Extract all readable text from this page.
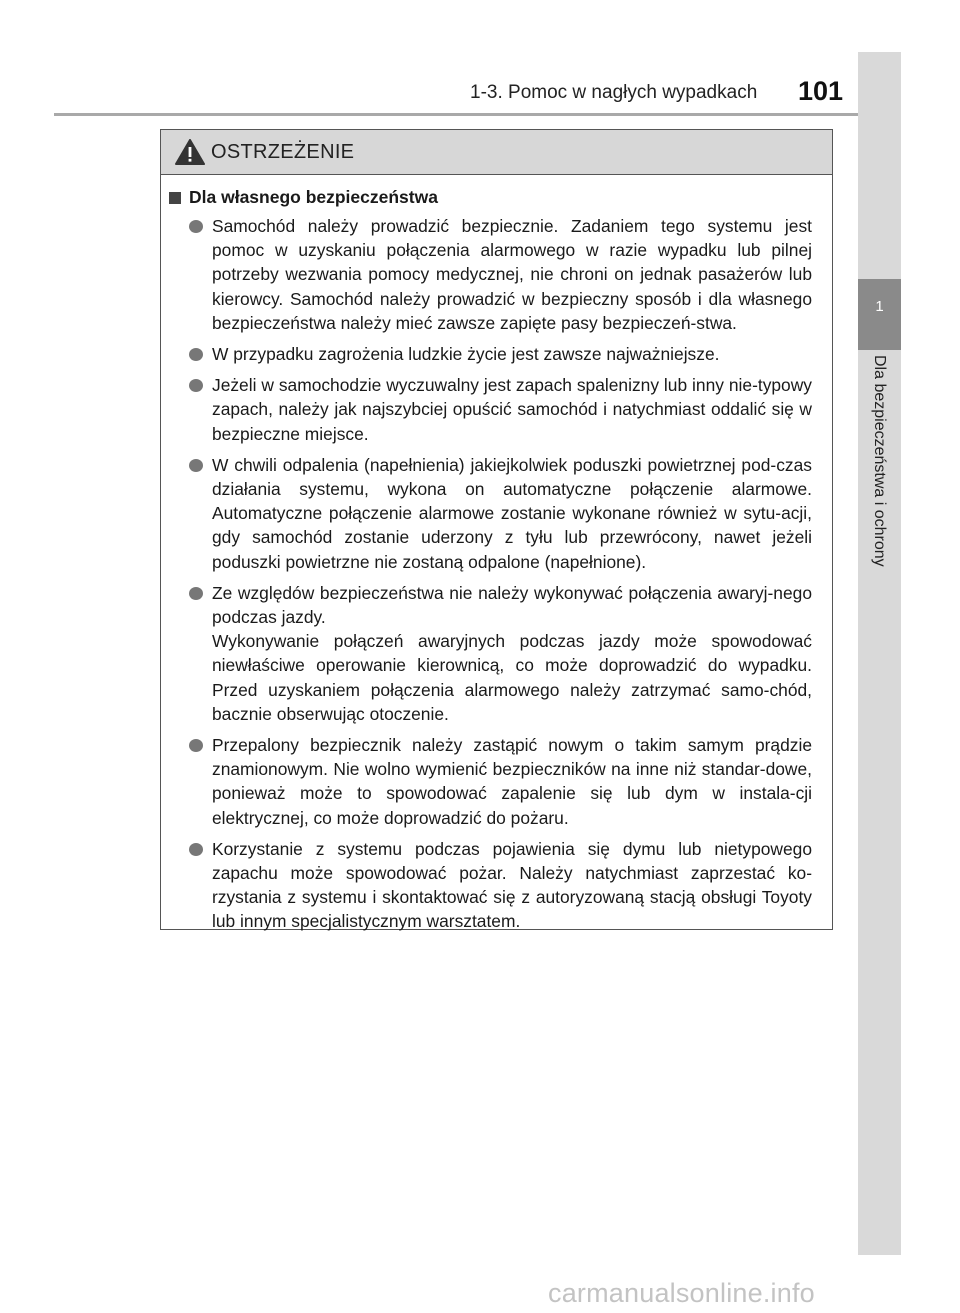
1-3. Pomoc w nagłych wypadkach 101
1
Dla bezpieczeństwa i ochrony
OSTRZEŻENIE
Dla własnego bezpieczeństwa

Samochód należy prowadzić bezpiecznie. Zadaniem tego systemu jest pomoc w uzyskaniu połączenia alarmowego w razie wypadku lub pilnej potrzeby wezwania pomocy medycznej, nie chroni on jednak pasażerów lub kierowcy. Samochód należy prowadzić w bezpieczny sposób i dla własnego bezpieczeństwa należy mieć zawsze zapięte pasy bezpieczeń-stwa.

W przypadku zagrożenia ludzkie życie jest zawsze najważniejsze.

Jeżeli w samochodzie wyczuwalny jest zapach spalenizny lub inny nie-typowy zapach, należy jak najszybciej opuścić samochód i natychmiast oddalić się w bezpieczne miejsce.

W chwili odpalenia (napełnienia) jakiejkolwiek poduszki powietrznej pod-czas działania systemu, wykona on automatyczne połączenie alarmowe. Automatyczne połączenie alarmowe zostanie wykonane również w sytu-acji, gdy samochód zostanie uderzony z tyłu lub przewrócony, nawet jeżeli poduszki powietrzne nie zostaną odpalone (napełnione).

Ze względów bezpieczeństwa nie należy wykonywać połączenia awaryj-nego podczas jazdy.

Wykonywanie połączeń awaryjnych podczas jazdy może spowodować niewłaściwe operowanie kierownicą, co może doprowadzić do wypadku. Przed uzyskaniem połączenia alarmowego należy zatrzymać samo-chód, bacznie obserwując otoczenie.

Przepalony bezpiecznik należy zastąpić nowym o takim samym prądzie znamionowym. Nie wolno wymienić bezpieczników na inne niż standar-dowe, ponieważ może to spowodować zapalenie się lub dym w instala-cji elektrycznej, co może doprowadzić do pożaru.

Korzystanie z systemu podczas pojawienia się dymu lub nietypowego zapachu może spowodować pożar. Należy natychmiast zaprzestać ko-rzystania z systemu i skontaktować się z autoryzowaną stacją obsługi Toyoty lub innym specjalistycznym warsztatem.

carmanualsonline.info
